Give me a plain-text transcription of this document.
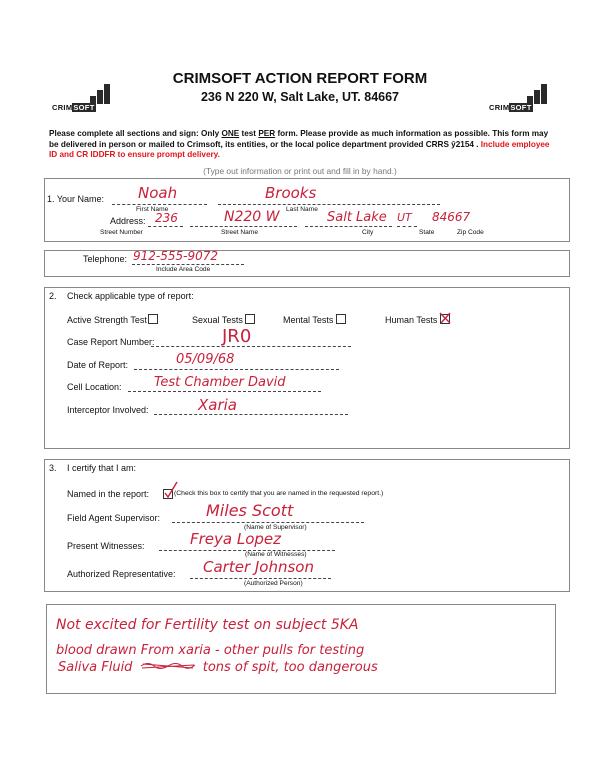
CRIMSOFT	CRIMSOFT
CRIMSOFT ACTION REPORT FORM
236 N 220 W, Salt Lake, UT. 84667
Please complete all sections and sign: Only ONE test PER form. Please provide as much information as possible. This form may be delivered in person or mailed to Crimsoft, its entities, or the local police department provided CRRS ŷ2154 . Include employee ID and CR IDDFR to ensure prompt delivery.
(Type out information or print out and fill in by hand.)
1. Your Name: Noah	Brooks
First Name	Last Name
Address: 236	N220 W	Salt Lake UT 84667
Street Number	Street Name	City	State	Zip Code
Telephone: 912-555-9072
Include Area Code
2. Check applicable type of report:
Active Strength Test	Sexual Tests	Mental Tests	Human Tests
Case Report Number:	JR0
Date of Report:	05/09/68
Cell Location: Test Chamber David
Interceptor Involved:	Xaria
3. I certify that I am:
Named in the report:	(Check this box to certify that you are named in the requested report.)
Field Agent Supervisor:	Miles Scott
(Name of Supervisor)
Present Witnesses:	Freya Lopez
(Name of Witnesses)
Authorized Representative: Carter Johnson
(Authorized Person)
Not excited for Fertility test on subject 5KA
blood drawn From xaria - other pulls for testing
Saliva Fluid	tons of spit, too dangerous
